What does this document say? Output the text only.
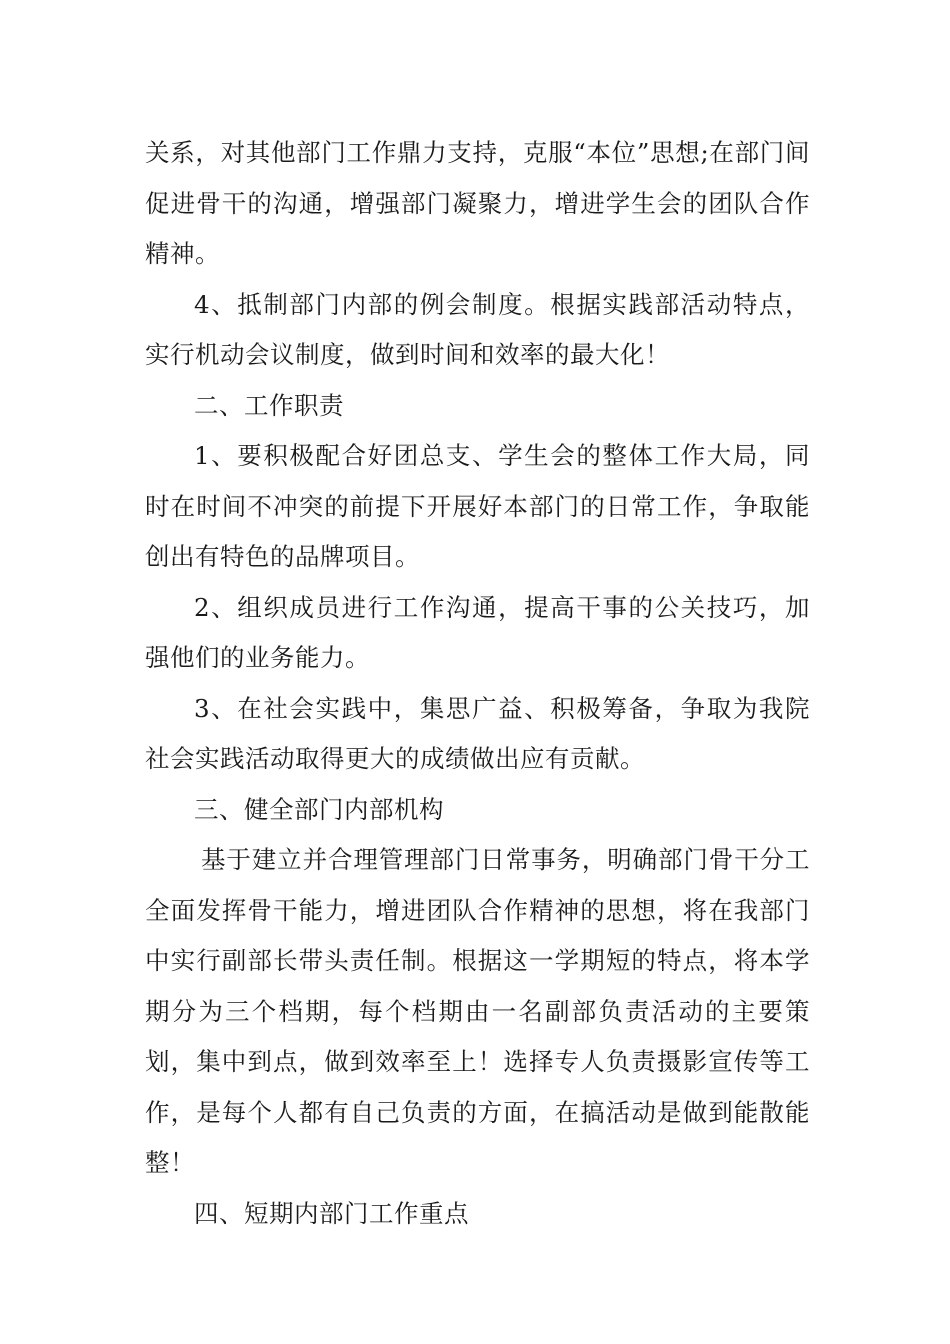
关系，对其他部门工作鼎力支持，克服“本位”思想;在部门间促进骨干的沟通，增强部门凝聚力，增进学生会的团队合作精神。

4、抵制部门内部的例会制度。根据实践部活动特点，实行机动会议制度，做到时间和效率的最大化！

二、工作职责

1、要积极配合好团总支、学生会的整体工作大局，同时在时间不冲突的前提下开展好本部门的日常工作，争取能创出有特色的品牌项目。

2、组织成员进行工作沟通，提高干事的公关技巧，加强他们的业务能力。

3、在社会实践中，集思广益、积极筹备，争取为我院社会实践活动取得更大的成绩做出应有贡献。

三、健全部门内部机构

基于建立并合理管理部门日常事务，明确部门骨干分工全面发挥骨干能力，增进团队合作精神的思想，将在我部门中实行副部长带头责任制。根据这一学期短的特点，将本学期分为三个档期，每个档期由一名副部负责活动的主要策划，集中到点，做到效率至上！选择专人负责摄影宣传等工作，是每个人都有自己负责的方面，在搞活动是做到能散能整！

四、短期内部门工作重点
